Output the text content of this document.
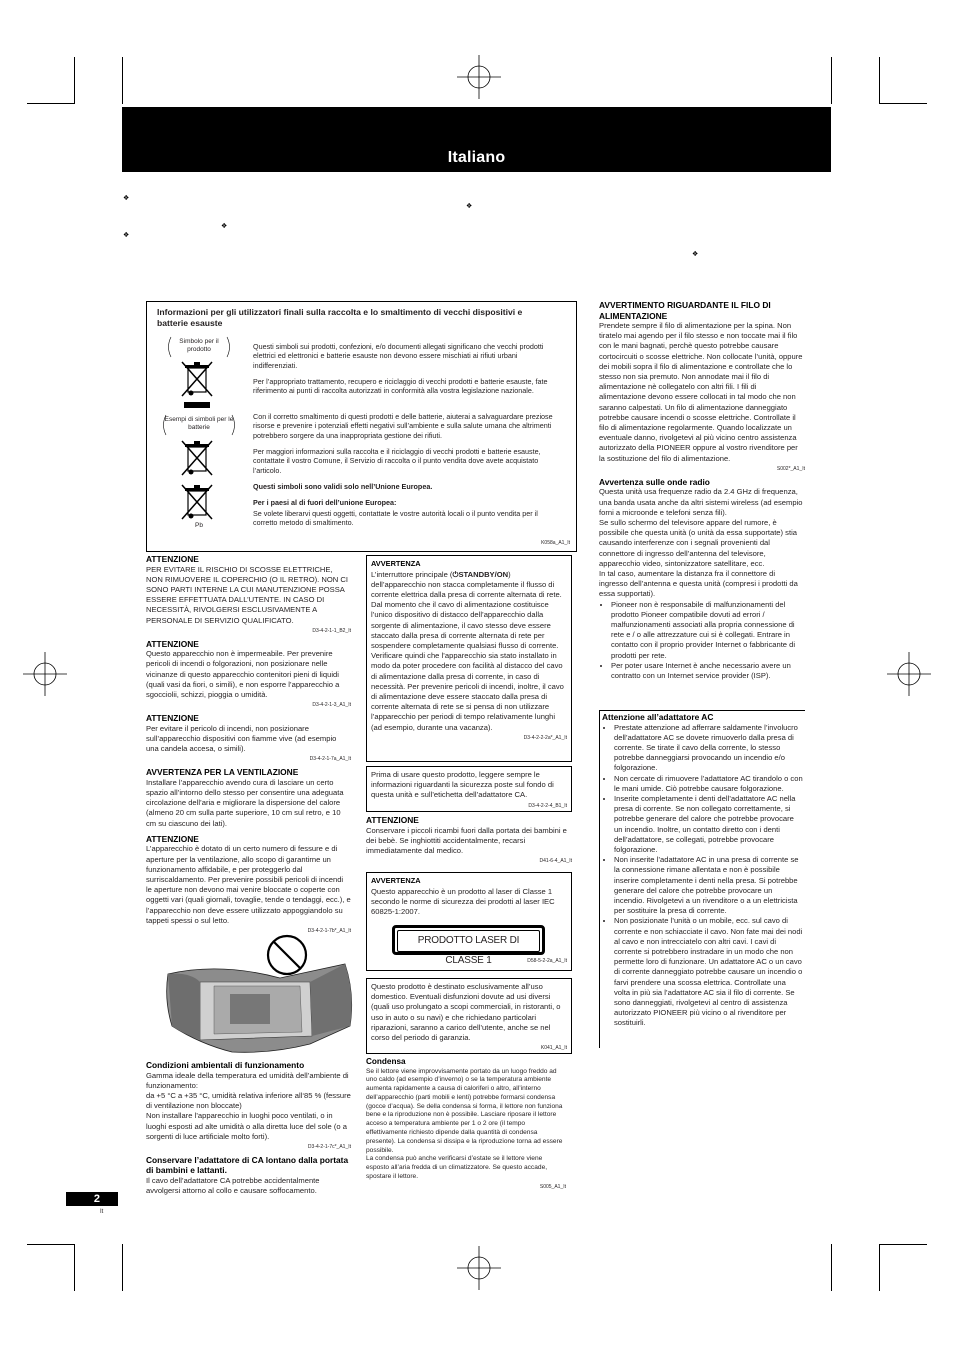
Italiano
❖
❖
❖
❖
❖
Informazioni per gli utilizzatori finali sulla raccolta e lo smaltimento di vecchi dispositivi e batterie esauste
Simbolo per il prodotto
Esempi di simboli per le batterie
Pb

Questi simboli sui prodotti, confezioni, e/o documenti allegati significano che vecchi prodotti elettrici ed elettronici e batterie esauste non devono essere mischiati ai rifiuti urbani indifferenziati.

Per l’appropriato trattamento, recupero e riciclaggio di vecchi prodotti e batterie esauste, fate riferimento ai punti di raccolta autorizzati in conformità alla vostra legislazione nazionale.

Con il corretto smaltimento di questi prodotti e delle batterie, aiuterai a salvaguardare preziose risorse e prevenire i potenziali effetti negativi sull’ambiente e sulla salute umana che altrimenti potrebbero sorgere da una inappropriata gestione dei rifiuti.

Per maggiori informazioni sulla raccolta e il riciclaggio di vecchi prodotti e batterie esauste, contattate il vostro Comune, il Servizio di raccolta o il punto vendita dove avete acquistato l’articolo.

Questi simboli sono validi solo nell’Unione Europea.

Per i paesi al di fuori dell’unione Europea:

Se volete liberarvi questi oggetti, contattate le vostre autorità locali o il punto vendita per il corretto metodo di smaltimento.

K058a_A1_It
ATTENZIONE

PER EVITARE IL RISCHIO DI SCOSSE ELETTRICHE, NON RIMUOVERE IL COPERCHIO (O IL RETRO). NON CI SONO PARTI INTERNE LA CUI MANUTENZIONE POSSA ESSERE EFFETTUATA DALL’UTENTE. IN CASO DI NECESSITÀ, RIVOLGERSI ESCLUSIVAMENTE A PERSONALE DI SERVIZIO QUALIFICATO.

D3-4-2-1-1_B2_It
ATTENZIONE

Questo apparecchio non è impermeabile. Per prevenire pericoli di incendi o folgorazioni, non posizionare nelle vicinanze di questo apparecchio contenitori pieni di liquidi (quali vasi da fiori, o simili), e non esporre l’apparecchio a sgocciolii, schizzi, pioggia o umidità.

D3-4-2-1-3_A1_It
ATTENZIONE

Per evitare il pericolo di incendi, non posizionare sull’apparecchio dispositivi con fiamme vive (ad esempio una candela accesa, o simili).

D3-4-2-1-7a_A1_It
AVVERTENZA PER LA VENTILAZIONE

Installare l’apparecchio avendo cura di lasciare un certo spazio all’intorno dello stesso per consentire una adeguata circolazione dell’aria e migliorare la dispersione del calore (almeno 20 cm sulla parte superiore, 10 cm sul retro, e 10 cm su ciascuno dei lati).

ATTENZIONE

L’apparecchio è dotato di un certo numero di fessure e di aperture per la ventilazione, allo scopo di garantirne un funzionamento affidabile, e per proteggerlo dal surriscaldamento. Per prevenire possibili pericoli di incendi le aperture non devono mai venire bloccate o coperte con oggetti vari (quali giornali, tovaglie, tende o tendaggi, ecc.), e l’apparecchio non deve essere utilizzato appoggiandolo su tappeti spessi o sul letto.

D3-4-2-1-7b*_A1_It
Condizioni ambientali di funzionamento

Gamma ideale della temperatura ed umidità dell’ambiente di funzionamento:

da +5 °C a +35 °C, umidità relativa inferiore all‘85 % (fessure di ventilazione non bloccate)

Non installare l’apparecchio in luoghi poco ventilati, o in luoghi esposti ad alte umidità o alla diretta luce del sole (o a sorgenti di luce artificiale molto forti).

D3-4-2-1-7c*_A1_It
Conservare l’adattatore di CA lontano dalla portata di bambini e lattanti.

Il cavo dell’adattatore CA potrebbe accidentalmente avvolgersi attorno al collo e causare soffocamento.

AVVERTENZA

L’interruttore principale (⏻STANDBY/ON) dell’apparecchio non stacca completamente il flusso di corrente elettrica dalla presa di corrente alternata di rete. Dal momento che il cavo di alimentazione costituisce l’unico dispositivo di distacco dell’apparecchio dalla sorgente di alimentazione, il cavo stesso deve essere staccato dalla presa di corrente alternata di rete per sospendere completamente qualsiasi flusso di corrente. Verificare quindi che l’apparecchio sia stato installato in modo da poter procedere con facilità al distacco del cavo di alimentazione dalla presa di corrente, in caso di necessità. Per prevenire pericoli di incendi, inoltre, il cavo di alimentazione deve essere staccato dalla presa di corrente alternata di rete se si pensa di non utilizzare l’apparecchio per periodi di tempo relativamente lunghi (ad esempio, durante una vacanza).

D3-4-2-2-2a*_A1_It

Prima di usare questo prodotto, leggere sempre le informazioni riguardanti la sicurezza poste sul fondo di questa unità e sull’etichetta dell’adattatore CA.

D3-4-2-2-4_B1_It
ATTENZIONE

Conservare i piccoli ricambi fuori dalla portata dei bambini e dei bebè. Se inghiottiti accidentalmente, recarsi immediatamente dal medico.

D41-6-4_A1_It
AVVERTENZA

Questo apparecchio è un prodotto al laser di Classe 1 secondo le norme di sicurezza dei prodotti al laser IEC 60825-1:2007.

D58-5-2-2a_A1_It
PRODOTTO LASER DI CLASSE 1

Questo prodotto è destinato esclusivamente all’uso domestico. Eventuali disfunzioni dovute ad usi diversi (quali uso prolungato a scopi commerciali, in ristoranti, o uso in auto o su navi) e che richiedano particolari riparazioni, saranno a carico dell’utente, anche se nel corso del periodo di garanzia.

K041_A1_It
Condensa

Se il lettore viene improvvisamente portato da un luogo freddo ad uno caldo (ad esempio d’inverno) o se la temperatura ambiente aumenta rapidamente a causa di caloriferi o altro, all’interno dell’apparecchio (parti mobili e lenti) potrebbe formarsi condensa (gocce d’acqua). Se della condensa si forma, il lettore non funziona bene e la riproduzione non è possibile. Lasciare riposare il lettore acceso a temperatura ambiente per 1 o 2 ore (il tempo effettivamente richiesto dipende dalla quantità di condensa presente). La condensa si dissipa e la riproduzione torna ad essere possibile.

La condensa può anche verificarsi d’estate se il lettore viene esposto all’aria fredda di un climatizzatore. Se questo accade, spostare il lettore.

S005_A1_It
AVVERTIMENTO RIGUARDANTE IL FILO DI ALIMENTAZIONE

Prendete sempre il filo di alimentazione per la spina. Non tiratelo mai agendo per il filo stesso e non toccate mai il filo con le mani bagnati, perchè questo potrebbe causare cortocircuiti o scosse elettriche. Non collocate l’unità, oppure dei mobili sopra il filo di alimentazione e controllate che lo stesso non sia premuto. Non annodate mai il filo di alimentazione nè collegatelo con altri fili. I fili di alimentazione devono essere collocati in tal modo che non saranno calpestati. Un filo di alimentazione danneggiato potrebbe causare incendi o scosse elettriche. Controllate il filo di alimentazione regolarmente. Quando localizzate un eventuale danno, rivolgetevi al più vicino centro assistenza autorizzato della PIONEER oppure al vostro rivenditore per la sostituzione del filo di alimentazione.

S002*_A1_It
Avvertenza sulle onde radio

Questa unità usa frequenze radio da 2.4 GHz di frequenza, una banda usata anche da altri sistemi wireless (ad esempio forni a microonde e telefoni senza fili).

Se sullo schermo del televisore appare del rumore, è possibile che questa unità (o unità da essa supportate) stia causando interferenze con i segnali provenienti dal connettore di ingresso dell’antenna del televisore, apparecchio video, sintonizzatore satellitare, ecc.

In tal caso, aumentare la distanza fra il connettore di ingresso dell’antenna e questa unità (compresi i prodotti da essa supportati).

• Pioneer non è responsabile di malfunzionamenti del prodotto Pioneer compatibile dovuti ad errori / malfunzionamenti associati alla propria connessione di rete e / o alle attrezzature cui si è collegati. Entrare in contatto con il proprio provider Internet o fabbricante di prodotti per rete.
• Per poter usare Internet è anche necessario avere un contratto con un Internet service provider (ISP).
Attenzione all’adattatore AC
• Prestate attenzione ad afferrare saldamente l’involucro dell’adattatore AC se dovete rimuoverlo dalla presa di corrente. Se tirate il cavo della corrente, lo stesso potrebbe danneggiarsi provocando un incendio e/o folgorazione.
• Non cercate di rimuovere l’adattatore AC tirandolo o con le mani umide. Ciò potrebbe causare folgorazione.
• Inserite completamente i denti dell’adattatore AC nella presa di corrente. Se non collegato correttamente, si potrebbe generare del calore che potrebbe provocare un incendio. Inoltre, un contatto diretto con i denti dell’adattatore, se collegati, potrebbe provocare folgorazione.
• Non inserite l’adattatore AC in una presa di corrente se la connessione rimane allentata e non è possibile inserire completamente i denti nella presa. Si potrebbe generare del calore che potrebbe provocare un incendio. Rivolgetevi a un rivenditore o a un elettricista per sostituire la presa di corrente.
• Non posizionate l’unità o un mobile, ecc. sul cavo di corrente e non schiacciate il cavo. Non fate mai dei nodi al cavo e non intrecciatelo con altri cavi. I cavi di corrente si potrebbero instradare in un modo che non permette loro di funzionare. Un adattatore AC o un cavo di corrente danneggiato potrebbe causare un incendio o farvi prendere una scossa elettrica. Controllate una volta in più sia l’adattatore AC sia il filo di corrente. Se sono danneggiati, rivolgetevi al centro di assistenza autorizzato PIONEER più vicino o al rivenditore per sostituirli.
2
It
